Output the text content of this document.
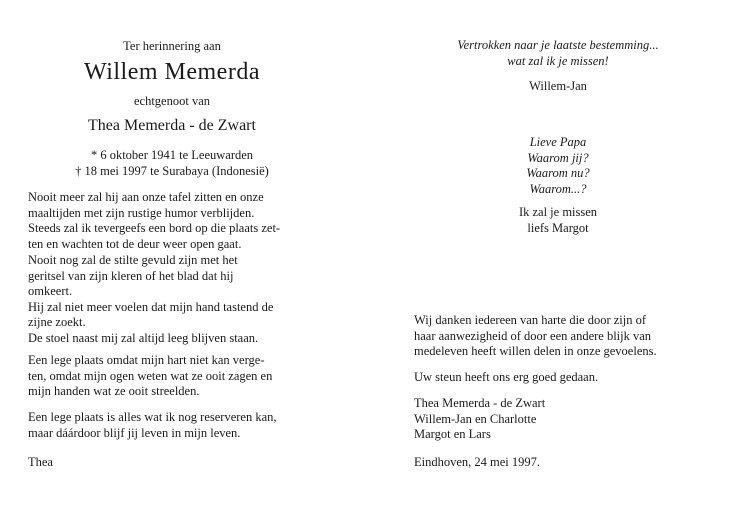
Ter herinnering aan
Willem Memerda
echtgenoot van
Thea Memerda - de Zwart
* 6 oktober 1941 te Leeuwarden
† 18 mei 1997 te Surabaya (Indonesië)

Nooit meer zal hij aan onze tafel zitten en onze
maaltijden met zijn rustige humor verblijden.
Steeds zal ik tevergeefs een bord op die plaats zet-
ten en wachten tot de deur weer open gaat.

Nooit nog zal de stilte gevuld zijn met het
geritsel van zijn kleren of het blad dat hij
omkeert.
Hij zal niet meer voelen dat mijn hand tastend de
zijne zoekt.
De stoel naast mij zal altijd leeg blijven staan.

Een lege plaats omdat mijn hart niet kan verge-
ten, omdat mijn ogen weten wat ze ooit zagen en
mijn handen wat ze ooit streelden.

Een lege plaats is alles wat ik nog reserveren kan,
maar dáárdoor blijf jij leven in mijn leven.

Thea
Vertrokken naar je laatste bestemming...
wat zal ik je missen!
Willem-Jan
Lieve Papa
Waarom jij?
Waarom nu?
Waarom...?
Ik zal je missen
liefs Margot

Wij danken iedereen van harte die door zijn of
haar aanwezigheid of door een andere blijk van
medeleven heeft willen delen in onze gevoelens.

Uw steun heeft ons erg goed gedaan.
Thea Memerda - de Zwart
Willem-Jan en Charlotte
Margot en Lars
Eindhoven, 24 mei 1997.
